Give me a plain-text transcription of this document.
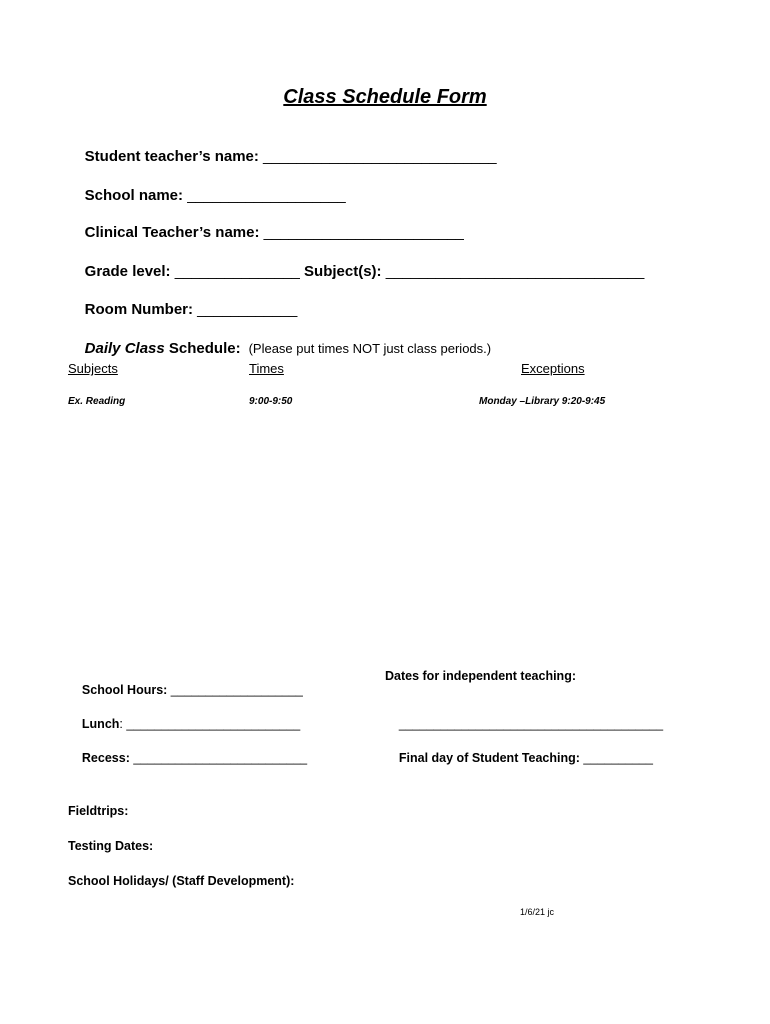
Class Schedule Form

Student teacher’s name: ____________________________

School name: ___________________

Clinical Teacher’s name: ________________________

Grade level: _______________ Subject(s): _______________________________

Room Number: ____________

Daily Class Schedule: (Please put times NOT just class periods.)

Subjects	Times	Exceptions
Ex. Reading	9:00-9:50	Monday –Library 9:20-9:45

School Hours: ___________________

Lunch: _________________________

Recess: _________________________

Dates for independent teaching:

______________________________________

Final day of Student Teaching: __________

Fieldtrips:
Testing Dates:
School Holidays/ (Staff Development):
1/6/21 jc
